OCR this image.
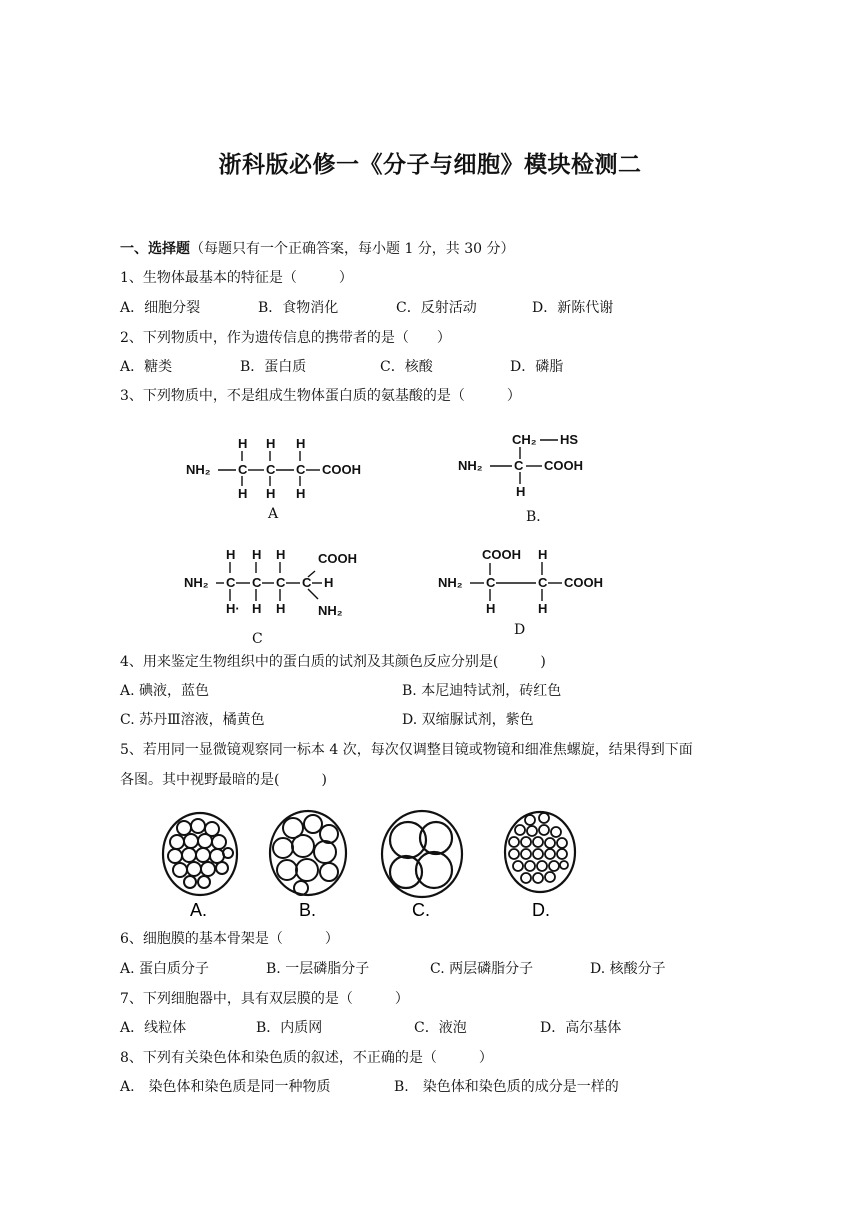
浙科版必修一《分子与细胞》模块检测二
一、选择题（每题只有一个正确答案，每小题 1 分，共 30 分）
1、生物体最基本的特征是（　　　）
A．细胞分裂	B．食物消化	C．反射活动	D．新陈代谢
2、下列物质中，作为遗传信息的携带者的是（　　）
A．糖类	B．蛋白质	C．核酸	D．磷脂
3、下列物质中，不是组成生物体蛋白质的氨基酸的是（　　　）
NH₂ C C C COOH
H H H
H H H
A
CH₂ HS
NH₂ C COOH
H
B．
H H H	COOH
NH₂ C C C C H
H· H H	NH₂
C
COOH H
NH₂ C	C COOH
H	H
D
4、用来鉴定生物组织中的蛋白质的试剂及其颜色反应分别是(　　　)
A. 碘液，蓝色	B. 本尼迪特试剂，砖红色
C. 苏丹Ⅲ溶液，橘黄色	D. 双缩脲试剂，紫色
5、若用同一显微镜观察同一标本 4 次，每次仅调整目镜或物镜和细准焦螺旋，结果得到下面
各图。其中视野最暗的是(　　　)
A.	B.	C.	D.
6、细胞膜的基本骨架是（　　　）
A. 蛋白质分子	B. 一层磷脂分子	C. 两层磷脂分子	D. 核酸分子
7、下列细胞器中，具有双层膜的是（　　　）
A．线粒体	B．内质网	C．液泡	D．高尔基体
8、下列有关染色体和染色质的叙述，不正确的是（　　　）
A.　染色体和染色质是同一种物质	B.　染色体和染色质的成分是一样的
